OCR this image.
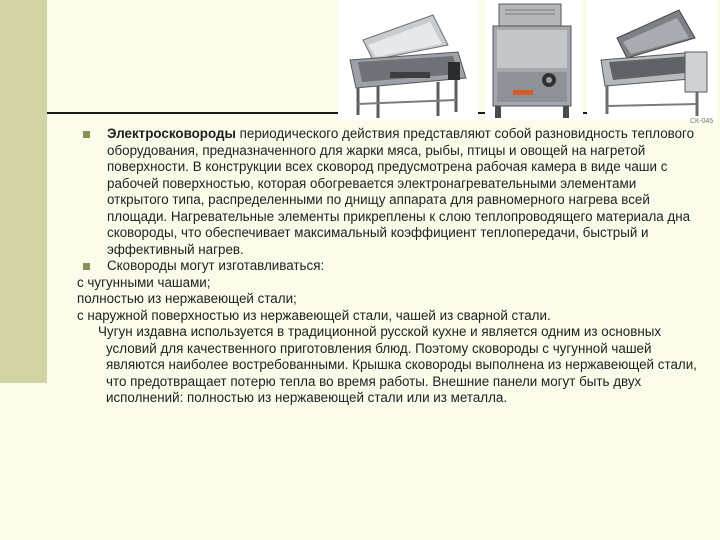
СК-045
Электросковороды периодического действия представляют собой разновидность теплового оборудования, предназначенного для жарки мяса, рыбы, птицы и овощей на нагретой поверхности. В конструкции всех сковород предусмотрена рабочая камера в виде чаши с рабочей поверхностью, которая обогревается электронагревательными элементами открытого типа, распределенными по днищу аппарата для равномерного нагрева всей площади. Нагревательные элементы прикреплены к слою теплопроводящего материала дна сковороды, что обеспечивает максимальный коэффициент теплопередачи, быстрый и эффективный нагрев.
Сковороды могут изготавливаться:
с чугунными чашами;
полностью из нержавеющей стали;
с наружной поверхностью из нержавеющей стали, чашей из сварной стали.
Чугун издавна используется в традиционной русской кухне и является одним из основных условий для качественного приготовления блюд. Поэтому сковороды с чугунной чашей являются наиболее востребованными. Крышка сковороды выполнена из нержавеющей стали, что предотвращает потерю тепла во время работы. Внешние панели могут быть двух исполнений: полностью из нержавеющей стали или из металла.
